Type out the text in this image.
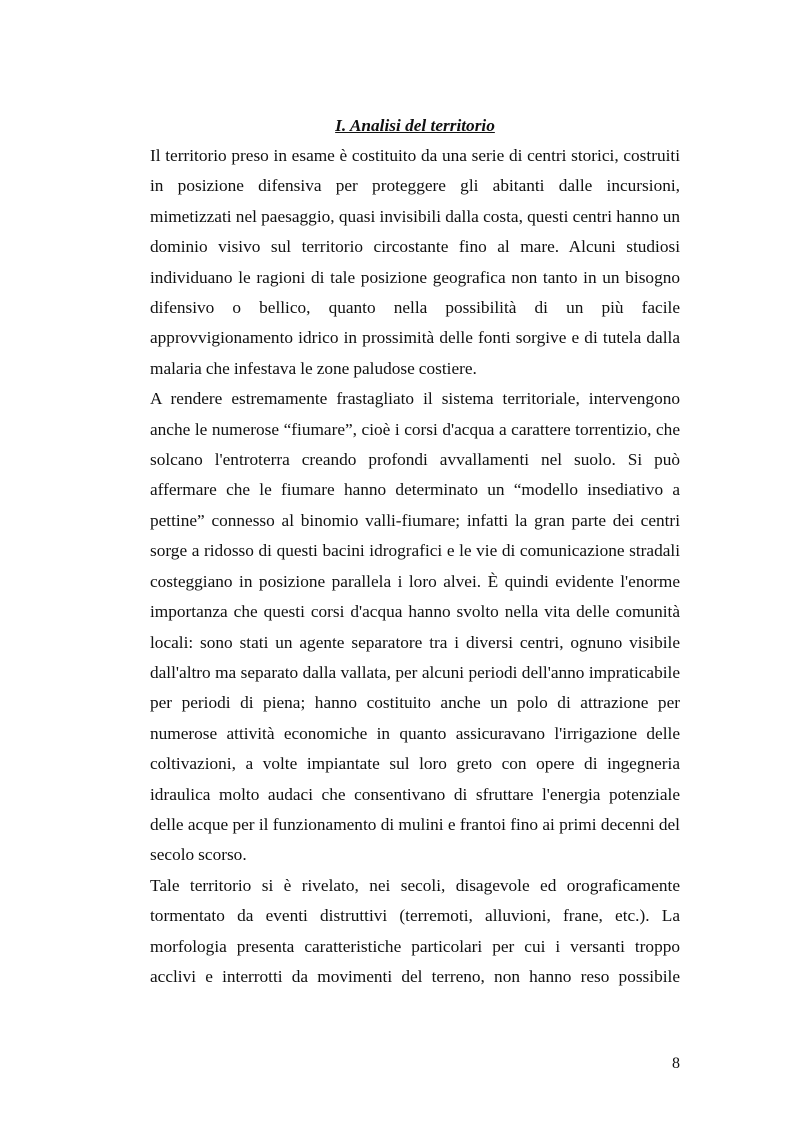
I. Analisi del territorio

Il territorio preso in esame è costituito da una serie di centri storici, costruiti in posizione difensiva per proteggere gli abitanti dalle incursioni, mimetizzati nel paesaggio, quasi invisibili dalla costa, questi centri hanno un dominio visivo sul territorio circostante fino al mare. Alcuni studiosi individuano le ragioni di tale posizione geografica non tanto in un bisogno difensivo o bellico, quanto nella possibilità di un più facile approvvigionamento idrico in prossimità delle fonti sorgive e di tutela dalla malaria che infestava le zone paludose costiere.

A rendere estremamente frastagliato il sistema territoriale, intervengono anche le numerose “fiumare”, cioè i corsi d'acqua a carattere torrentizio, che solcano l'entroterra creando profondi avvallamenti nel suolo. Si può affermare che le fiumare hanno determinato un “modello insediativo a pettine” connesso al binomio valli-fiumare; infatti la gran parte dei centri sorge a ridosso di questi bacini idrografici e le vie di comunicazione stradali costeggiano in posizione parallela i loro alvei. È quindi evidente l'enorme importanza che questi corsi d'acqua hanno svolto nella vita delle comunità locali: sono stati un agente separatore tra i diversi centri, ognuno visibile dall'altro ma separato dalla vallata, per alcuni periodi dell'anno impraticabile per periodi di piena; hanno costituito anche un polo di attrazione per numerose attività economiche in quanto assicuravano l'irrigazione delle coltivazioni, a volte impiantate sul loro greto con opere di ingegneria idraulica molto audaci che consentivano di sfruttare l'energia potenziale delle acque per il funzionamento di mulini e frantoi fino ai primi decenni del secolo scorso.

Tale territorio si è rivelato, nei secoli, disagevole ed orograficamente tormentato da eventi distruttivi (terremoti, alluvioni, frane, etc.). La morfologia presenta caratteristiche particolari per cui i versanti troppo acclivi e interrotti da movimenti del terreno, non hanno reso possibile

8
